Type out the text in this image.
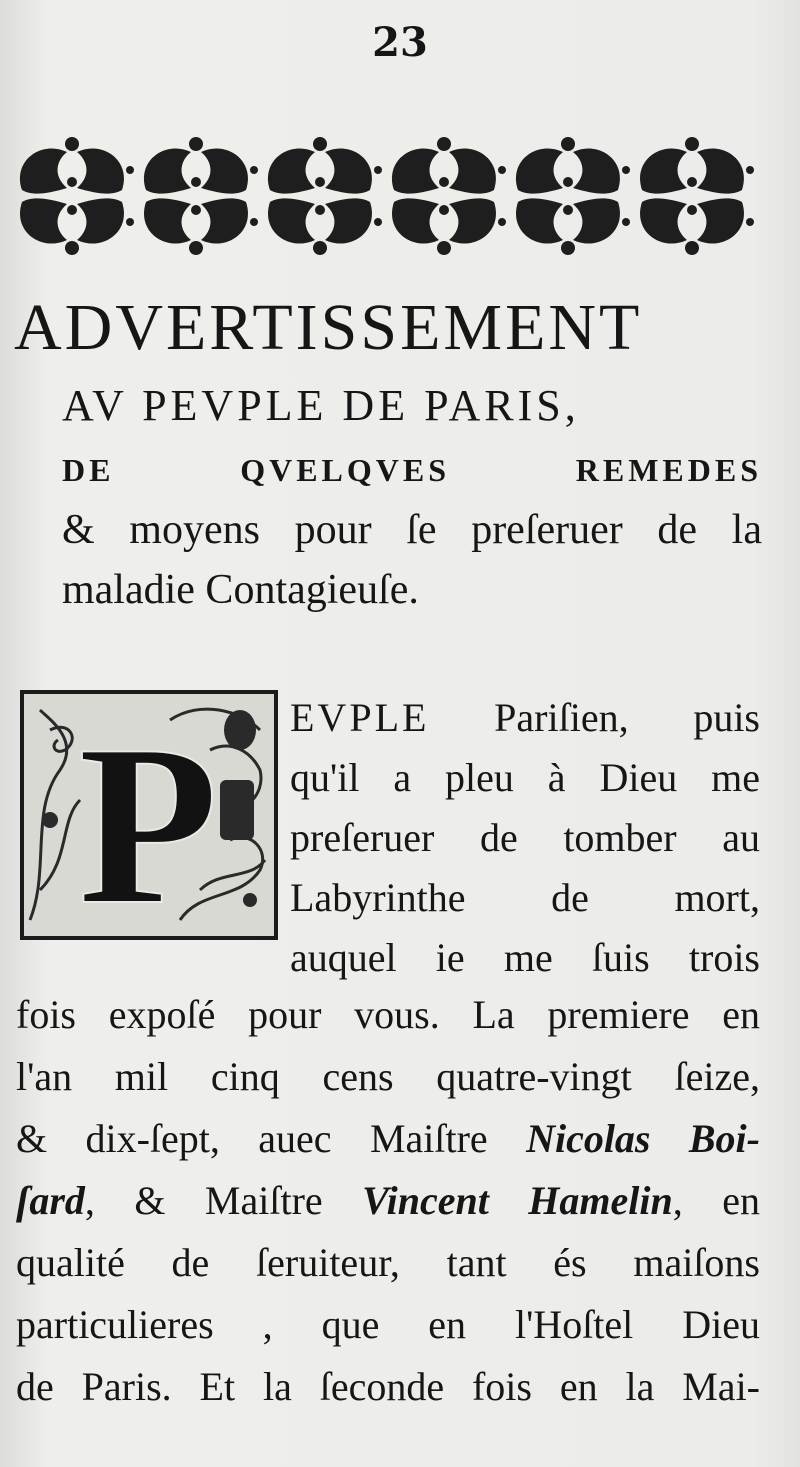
23
ADVERTISSEMENT
AV PEVPLE DE PARIS,
DE	QVELQVES	REMEDES
& moyens pour ſe preſeruer de la
maladie Contagieuſe.
P EVPLE Pariſien, puis
qu'il a pleu à Dieu me
preſeruer de tomber au
Labyrinthe de mort,
auquel ie me ſuis trois
fois expoſé pour vous. La premiere en
l'an mil cinq cens quatre-vingt ſeize,
& dix-ſept, auec Maiſtre Nicolas Boi-
ſard, & Maiſtre Vincent Hamelin, en
qualité de ſeruiteur, tant és maiſons
particulieres , que en l'Hoſtel Dieu
de Paris. Et la ſeconde fois en la Mai-
